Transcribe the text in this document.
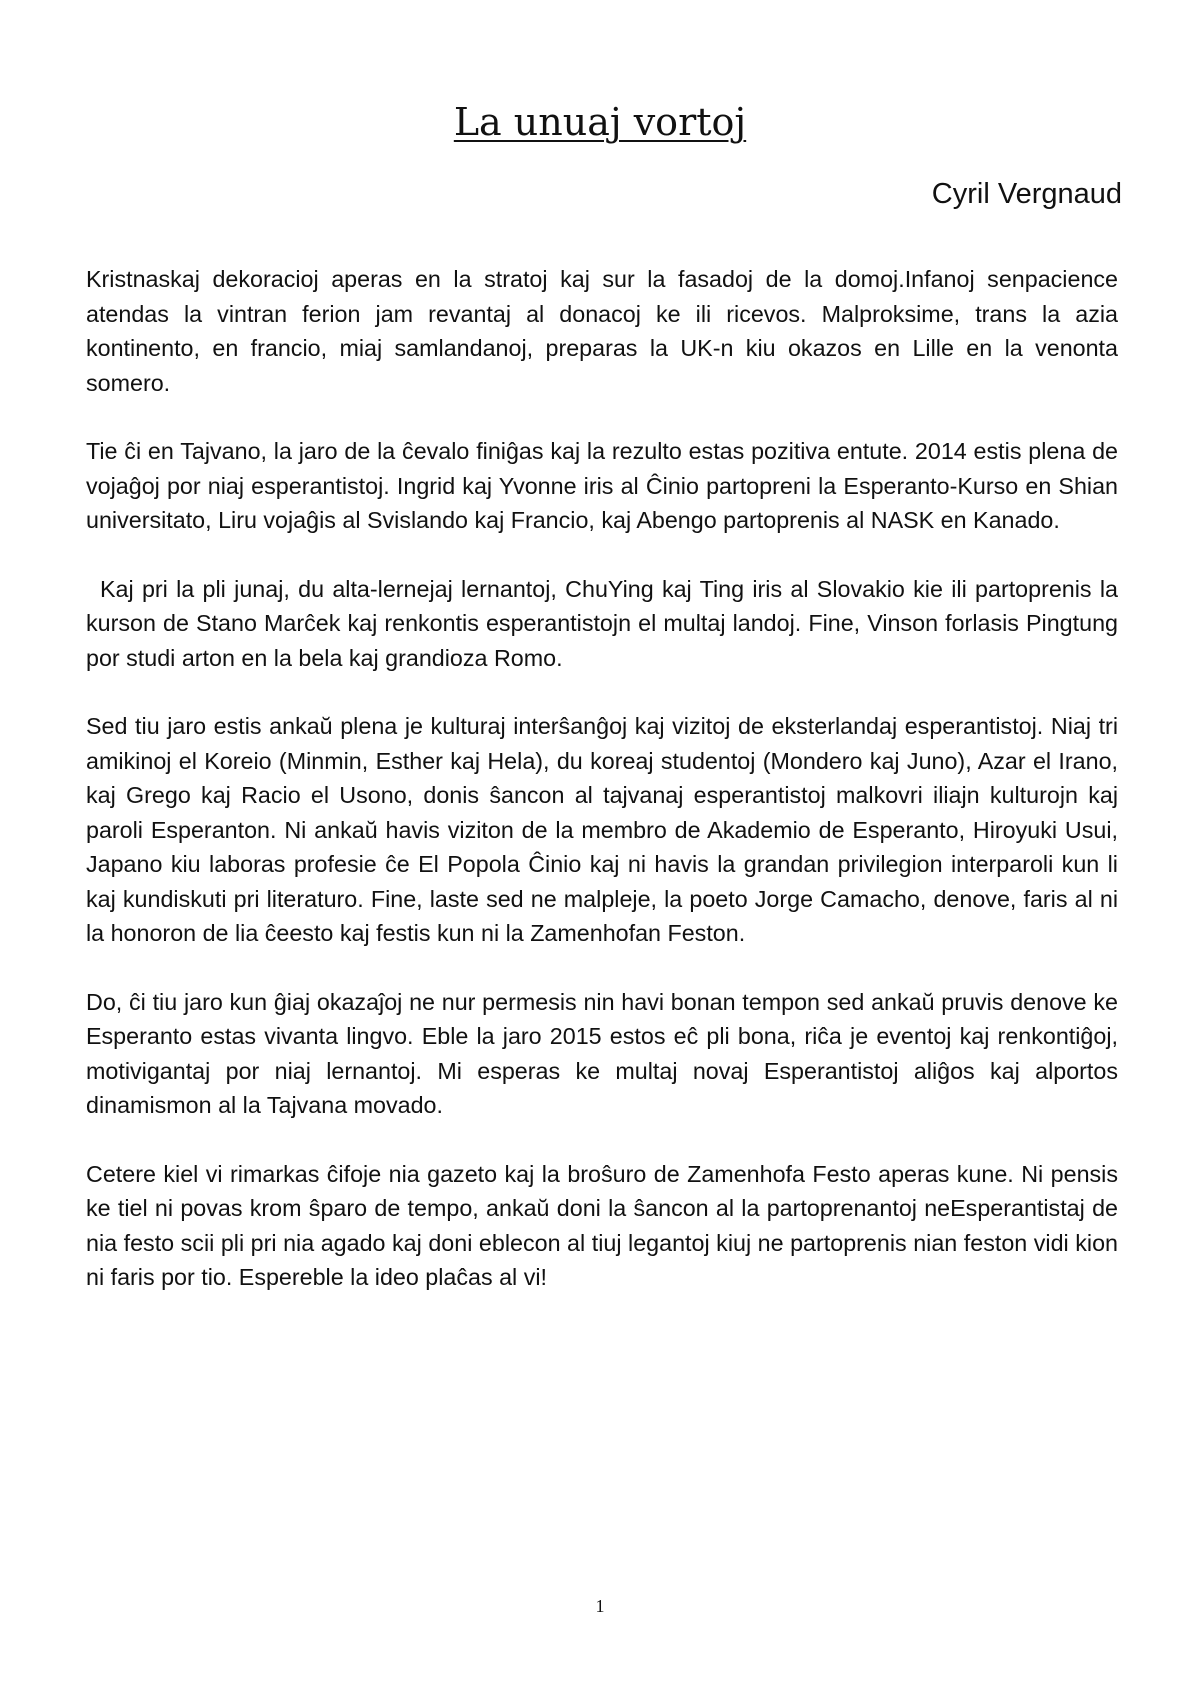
La unuaj vortoj
Cyril Vergnaud

Kristnaskaj dekoracioj aperas en la stratoj kaj sur la fasadoj de la domoj.Infanoj senpacience atendas la vintran ferion jam revantaj al donacoj ke ili ricevos. Malproksime, trans la azia kontinento, en francio, miaj samlandanoj, preparas la UK-n kiu okazos en Lille en la venonta somero.

Tie ĉi en Tajvano, la jaro de la ĉevalo finiĝas kaj la rezulto estas pozitiva entute. 2014 estis plena de vojaĝoj por niaj esperantistoj. Ingrid kaj Yvonne iris al Ĉinio partopreni la Esperanto-Kurso en Shian universitato, Liru vojaĝis al Svislando kaj Francio, kaj Abengo partoprenis al NASK en Kanado.

Kaj pri la pli junaj, du alta-lernejaj lernantoj, ChuYing kaj Ting iris al Slovakio kie ili partoprenis la kurson de Stano Marĉek kaj renkontis esperantistojn el multaj landoj. Fine, Vinson forlasis Pingtung por studi arton en la bela kaj grandioza Romo.

Sed tiu jaro estis ankaŭ plena je kulturaj interŝanĝoj kaj vizitoj de eksterlandaj esperantistoj. Niaj tri amikinoj el Koreio (Minmin, Esther kaj Hela), du koreaj studentoj (Mondero kaj Juno), Azar el Irano, kaj Grego kaj Racio el Usono, donis ŝancon al tajvanaj esperantistoj malkovri iliajn kulturojn kaj paroli Esperanton. Ni ankaŭ havis viziton de la membro de Akademio de Esperanto, Hiroyuki Usui, Japano kiu laboras profesie ĉe El Popola Ĉinio kaj ni havis la grandan privilegion interparoli kun li kaj kundiskuti pri literaturo. Fine, laste sed ne malpleje, la poeto Jorge Camacho, denove, faris al ni la honoron de lia ĉeesto kaj festis kun ni la Zamenhofan Feston.

Do, ĉi tiu jaro kun ĝiaj okazaĵoj ne nur permesis nin havi bonan tempon sed ankaŭ pruvis denove ke Esperanto estas vivanta lingvo. Eble la jaro 2015 estos eĉ pli bona, riĉa je eventoj kaj renkontiĝoj, motivigantaj por niaj lernantoj. Mi esperas ke multaj novaj Esperantistoj aliĝos kaj alportos dinamismon al la Tajvana movado.

Cetere kiel vi rimarkas ĉifoje nia gazeto kaj la broŝuro de Zamenhofa Festo aperas kune. Ni pensis ke tiel ni povas krom ŝparo de tempo, ankaŭ doni la ŝancon al la partoprenantoj neEsperantistaj de nia festo scii pli pri nia agado kaj doni eblecon al tiuj legantoj kiuj ne partoprenis nian feston vidi kion ni faris por tio. Espereble la ideo plaĉas al vi!

1
